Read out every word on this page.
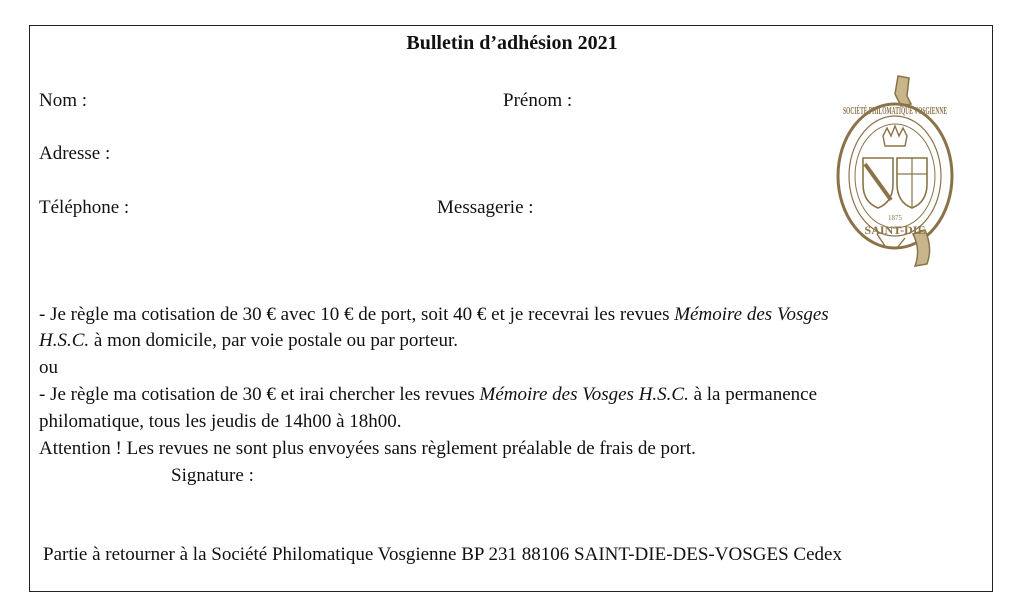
Bulletin d’adhésion 2021
Nom :	Prénom :
Adresse :
Téléphone :	Messagerie :
SOCIÉTÉ PHILOMATIQUE VOSGIENNE
SAINT-DIÉ
1875
- Je règle ma cotisation de 30 € avec 10 € de port, soit 40 € et je recevrai les revues Mémoire des Vosges
H.S.C. à mon domicile, par voie postale ou par porteur.
ou
- Je règle ma cotisation de 30 € et irai chercher les revues Mémoire des Vosges H.S.C. à la permanence
philomatique, tous les jeudis de 14h00 à 18h00.
Attention ! Les revues ne sont plus envoyées sans règlement préalable de frais de port.
Signature :
Partie à retourner à la Société Philomatique Vosgienne BP 231 88106 SAINT-DIE-DES-VOSGES Cedex
